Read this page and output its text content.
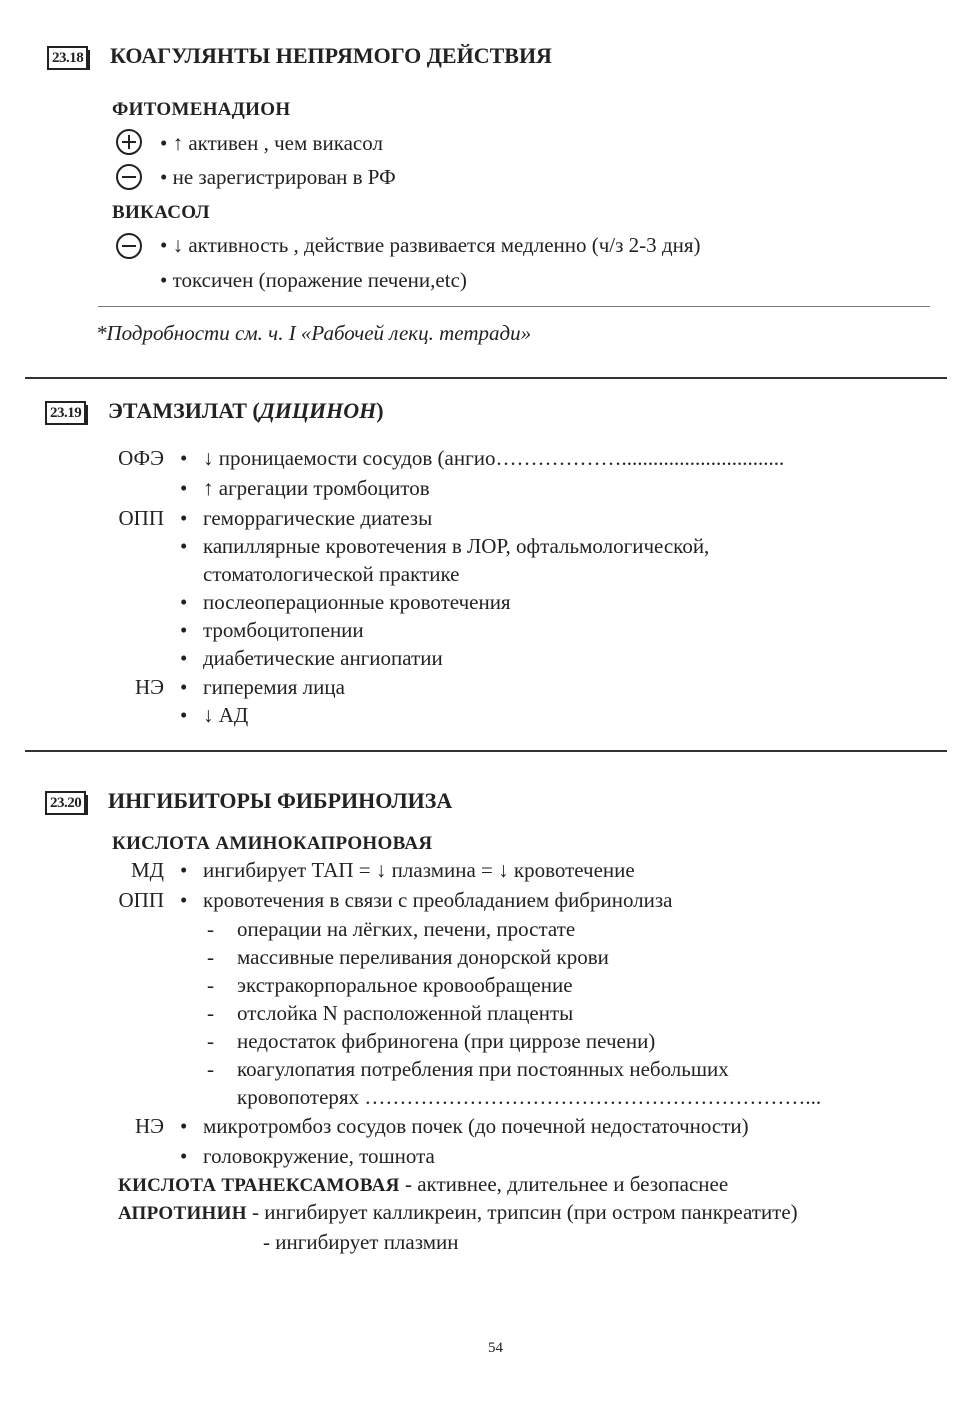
23.18 КОАГУЛЯНТЫ НЕПРЯМОГО ДЕЙСТВИЯ
ФИТОМЕНАДИОН
• ↑ активен , чем викасол
• не зарегистрирован в РФ
ВИКАСОЛ
• ↓ активность , действие развивается медленно (ч/з 2-3 дня)
• токсичен (поражение печени,etc)
*Подробности см. ч. I «Рабочей лекц. тетради»
23.19 ЭТАМЗИЛАТ (ДИЦИНОН)
ОФЭ • ↓ проницаемости сосудов (ангио………………...............................
• ↑ агрегации тромбоцитов
ОПП • геморрагические диатезы
• капиллярные кровотечения в ЛОР, офтальмологической,
стоматологической практике
• послеоперационные кровотечения
• тромбоцитопении
• диабетические ангиопатии
НЭ • гиперемия лица
• ↓ АД
23.20 ИНГИБИТОРЫ ФИБРИНОЛИЗА
КИСЛОТА АМИНОКАПРОНОВАЯ
МД • ингибирует ТАП = ↓ плазмина = ↓ кровотечение
ОПП • кровотечения в связи с преобладанием фибринолиза
- операции на лёгких, печени, простате
- массивные переливания донорской крови
- экстракорпоральное кровообращение
- отслойка N расположенной плаценты
- недостаток фибриногена (при циррозе печени)
- коагулопатия потребления при постоянных небольших
кровопотерях ………………………………………………………...
НЭ • микротромбоз сосудов почек (до почечной недостаточности)
• головокружение, тошнота
КИСЛОТА ТРАНЕКСАМОВАЯ - активнее, длительнее и безопаснее
АПРОТИНИН - ингибирует калликреин, трипсин (при остром панкреатите)
- ингибирует плазмин
54
